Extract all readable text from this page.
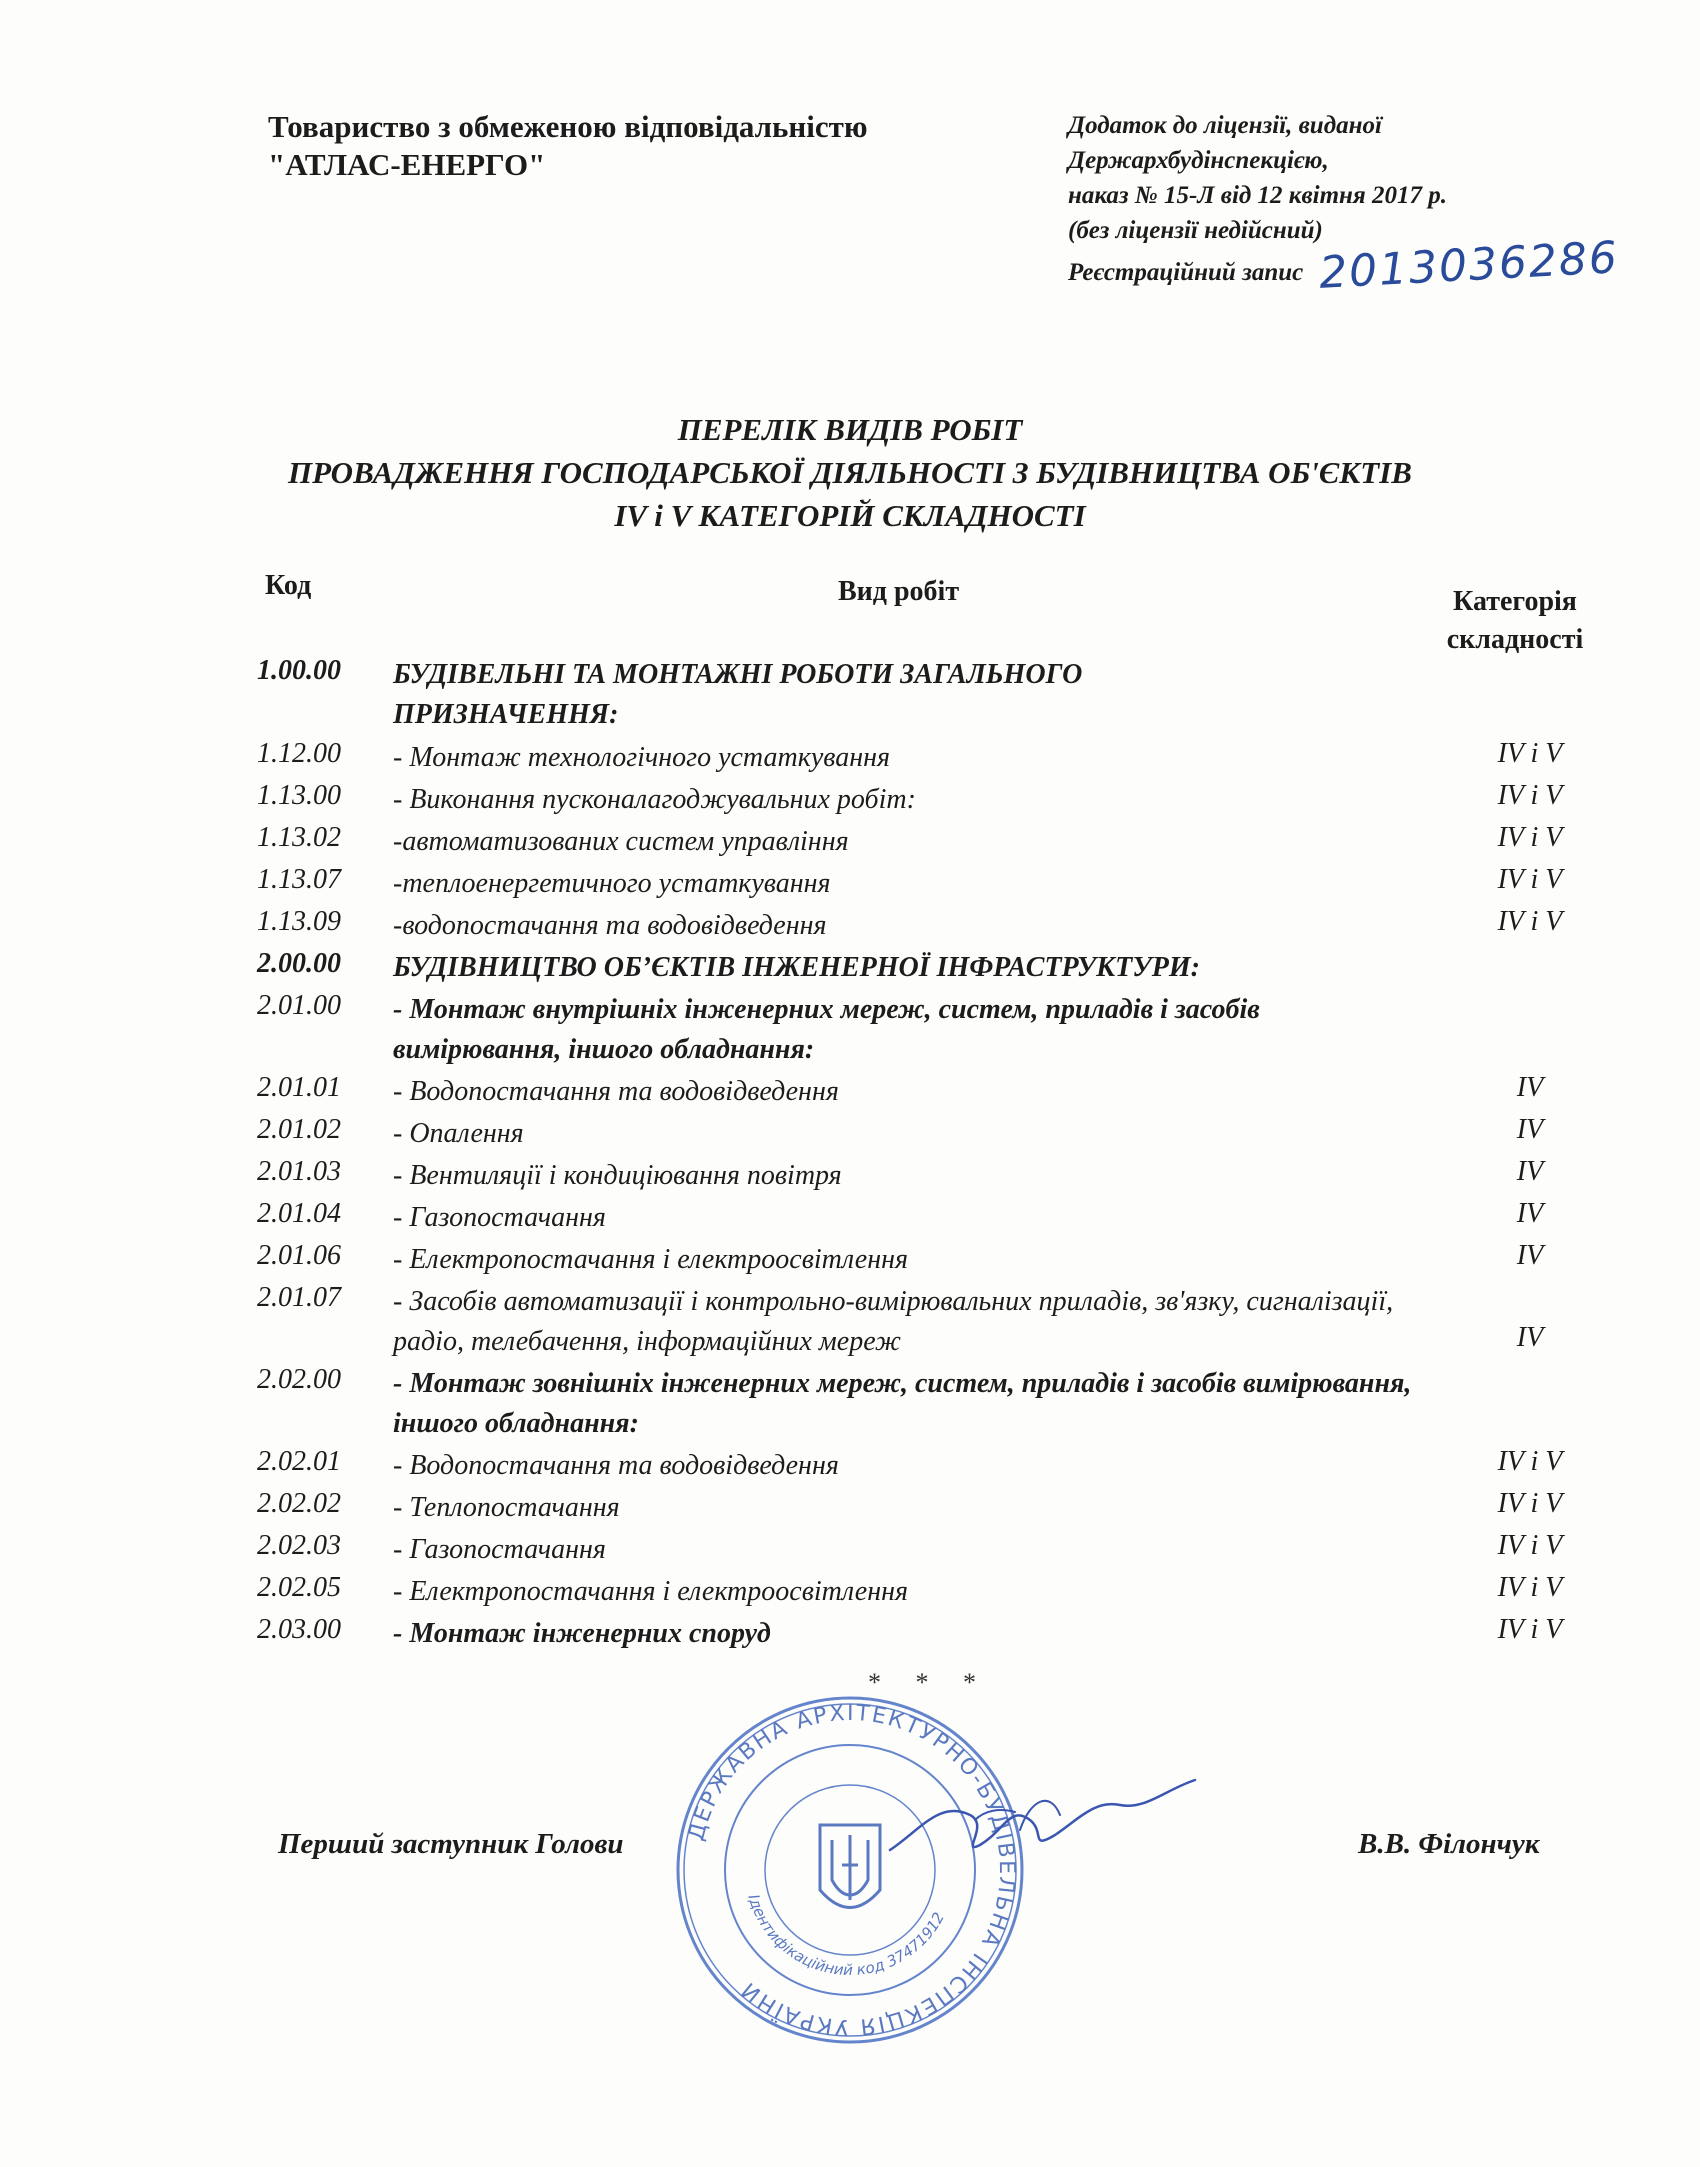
Товариство з обмеженою відповідальністю
"АТЛАС-ЕНЕРГО"
Додаток до ліцензії, виданої
Держархбудінспекцією,
наказ № 15-Л від 12 квітня 2017 р.
(без ліцензії недійсний)
Реєстраційний запис 2013036286
ПЕРЕЛІК ВИДІВ РОБІТ
ПРОВАДЖЕННЯ ГОСПОДАРСЬКОЇ ДІЯЛЬНОСТІ З БУДІВНИЦТВА ОБ'ЄКТІВ
IV і V КАТЕГОРІЙ СКЛАДНОСТІ
Код	Вид робіт	Категорія складності
1.00.00	БУДІВЕЛЬНІ ТА МОНТАЖНІ РОБОТИ ЗАГАЛЬНОГО ПРИЗНАЧЕННЯ:
1.12.00	- Монтаж технологічного устаткування	IV і V
1.13.00	- Виконання пусконалагоджувальних робіт:	IV і V
1.13.02	-автоматизованих систем управління	IV і V
1.13.07	-теплоенергетичного устаткування	IV і V
1.13.09	-водопостачання та водовідведення	IV і V
2.00.00	БУДІВНИЦТВО ОБ’ЄКТІВ ІНЖЕНЕРНОЇ ІНФРАСТРУКТУРИ:
2.01.00	- Монтаж внутрішніх інженерних мереж, систем, приладів і засобів вимірювання, іншого обладнання:
2.01.01	- Водопостачання та водовідведення	IV
2.01.02	- Опалення	IV
2.01.03	- Вентиляції і кондиціювання повітря	IV
2.01.04	- Газопостачання	IV
2.01.06	- Електропостачання і електроосвітлення	IV
2.01.07	- Засобів автоматизації і контрольно-вимірювальних приладів, зв'язку, сигналізації, радіо, телебачення, інформаційних мереж	IV
2.02.00	- Монтаж зовнішніх інженерних мереж, систем, приладів і засобів вимірювання, іншого обладнання:
2.02.01	- Водопостачання та водовідведення	IV і V
2.02.02	- Теплопостачання	IV і V
2.02.03	- Газопостачання	IV і V
2.02.05	- Електропостачання і електроосвітлення	IV і V
2.03.00	- Монтаж інженерних споруд	IV і V
* * *
Перший заступник Голови	В.В. Філончук
ДЕРЖАВНА АРХІТЕКТУРНО-БУДІВЕЛЬНА ІНСПЕКЦІЯ УКРАЇНИ
Ідентифікаційний код 37471912
